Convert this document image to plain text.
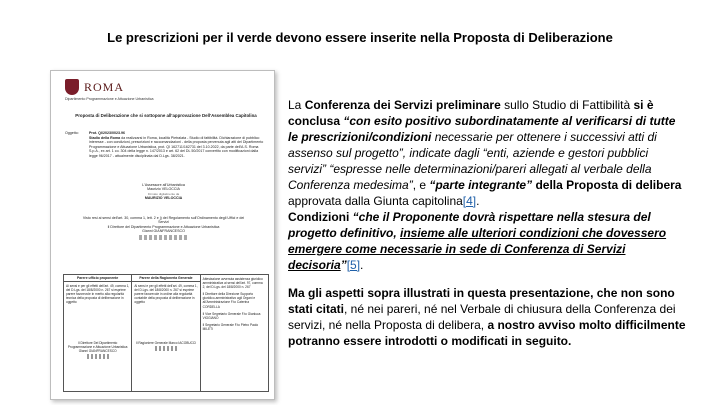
Le prescrizioni per il verde devono essere inserite nella Proposta di Deliberazione
ROMA
Dipartimento Programmazione e Attuazione Urbanistica
Proposta di Deliberazione che si sottopone all'approvazione Dell'Assemblea Capitolina
Oggetto:	Prot. QI/2023/0023.96
Stadio della Roma da realizzarsi in Roma, località Pietralata - Studio di fattibilità. Dichiarazione di pubblico interesse - con condizioni, prescrizioni e raccomandazioni - della proposta pervenuta agli atti del Dipartimento Programmazione e Attuazione Urbanistica, prot. QI 162711/162731 del 3.10.2022, da parte dell'A.S. Roma S.p.A., ex art. 1 co. 304 della legge n. 147/2013 e art. 62 del DL 50/2017 convertito con modificazioni dalla legge 96/2017 - attualmente disciplinata dal D.Lgs. 38/2021.
L'Assessore all'Urbanistica
Maurizio VELOCCIA
Firmato digitalmente da
MAURIZIO VELOCCIA
Visto resi ai sensi dell'art. 30, comma 1, lett. 2 e j) del Regolamento sull'Ordinamento degli Uffici e dei Servizi
Il Direttore del Dipartimento Programmazione e Attuazione Urbanistica
Gianni GIANFRANCESCO
Parere ufficio proponente
Ai sensi e per gli effetti dell'art. 49, comma 1, del D.Lgs. del 18/8/2000 n. 267 si esprime parere favorevole in merito alla regolarità tecnica della proposta di deliberazione in oggetto
Il Direttore Del Dipartimento Programmazione e Attuazione Urbanistica Gianni GIANFRANCESCO
Parere della Ragioneria Generale
Ai sensi e per gli effetti dell'art. 49, comma 1, del D.Lgs. del 18/8/2000 n. 267 si esprime parere favorevole in ordine alla regolarità contabile della proposta di deliberazione in oggetto
Il Ragioniere Generale Marco IACOBUCCI
Attestazione avvenuta assistenza giuridico amministrativa ai sensi dell'art. 97, comma 2, del D.Lgs. del 18/8/2000 n. 267
Il Direttore della Direzione Supporto giuridico-amministrativo agli Organi e all'Amministrazione F.to Caterina CORDELLA
Il Vice Segretario Generale F.to Gianluca VIGGIANO
Il Segretario Generale F.to Pietro Paolo MILETI

La Conferenza dei Servizi preliminare sullo Studio di Fattibilità si è conclusa “con esito positivo subordinatamente al verificarsi di tutte le prescrizioni/condizioni necessarie per ottenere i successivi atti di assenso sul progetto”, indicate dagli “enti, aziende e gestori pubblici servizi” “espresse nelle determinazioni/pareri allegati al verbale della Conferenza medesima”, e “parte integrante” della Proposta di delibera approvata dalla Giunta capitolina[4].

Condizioni “che il Proponente dovrà rispettare nella stesura del progetto definitivo, insieme alle ulteriori condizioni che dovessero emergere come necessarie in sede di Conferenza di Servizi decisoria”[5].

Ma gli aspetti sopra illustrati in questa presentazione, che non sono stati citati, né nei pareri, né nel Verbale di chiusura della Conferenza dei servizi, né nella Proposta di delibera, a nostro avviso molto difficilmente potranno essere introdotti o modificati in seguito.
